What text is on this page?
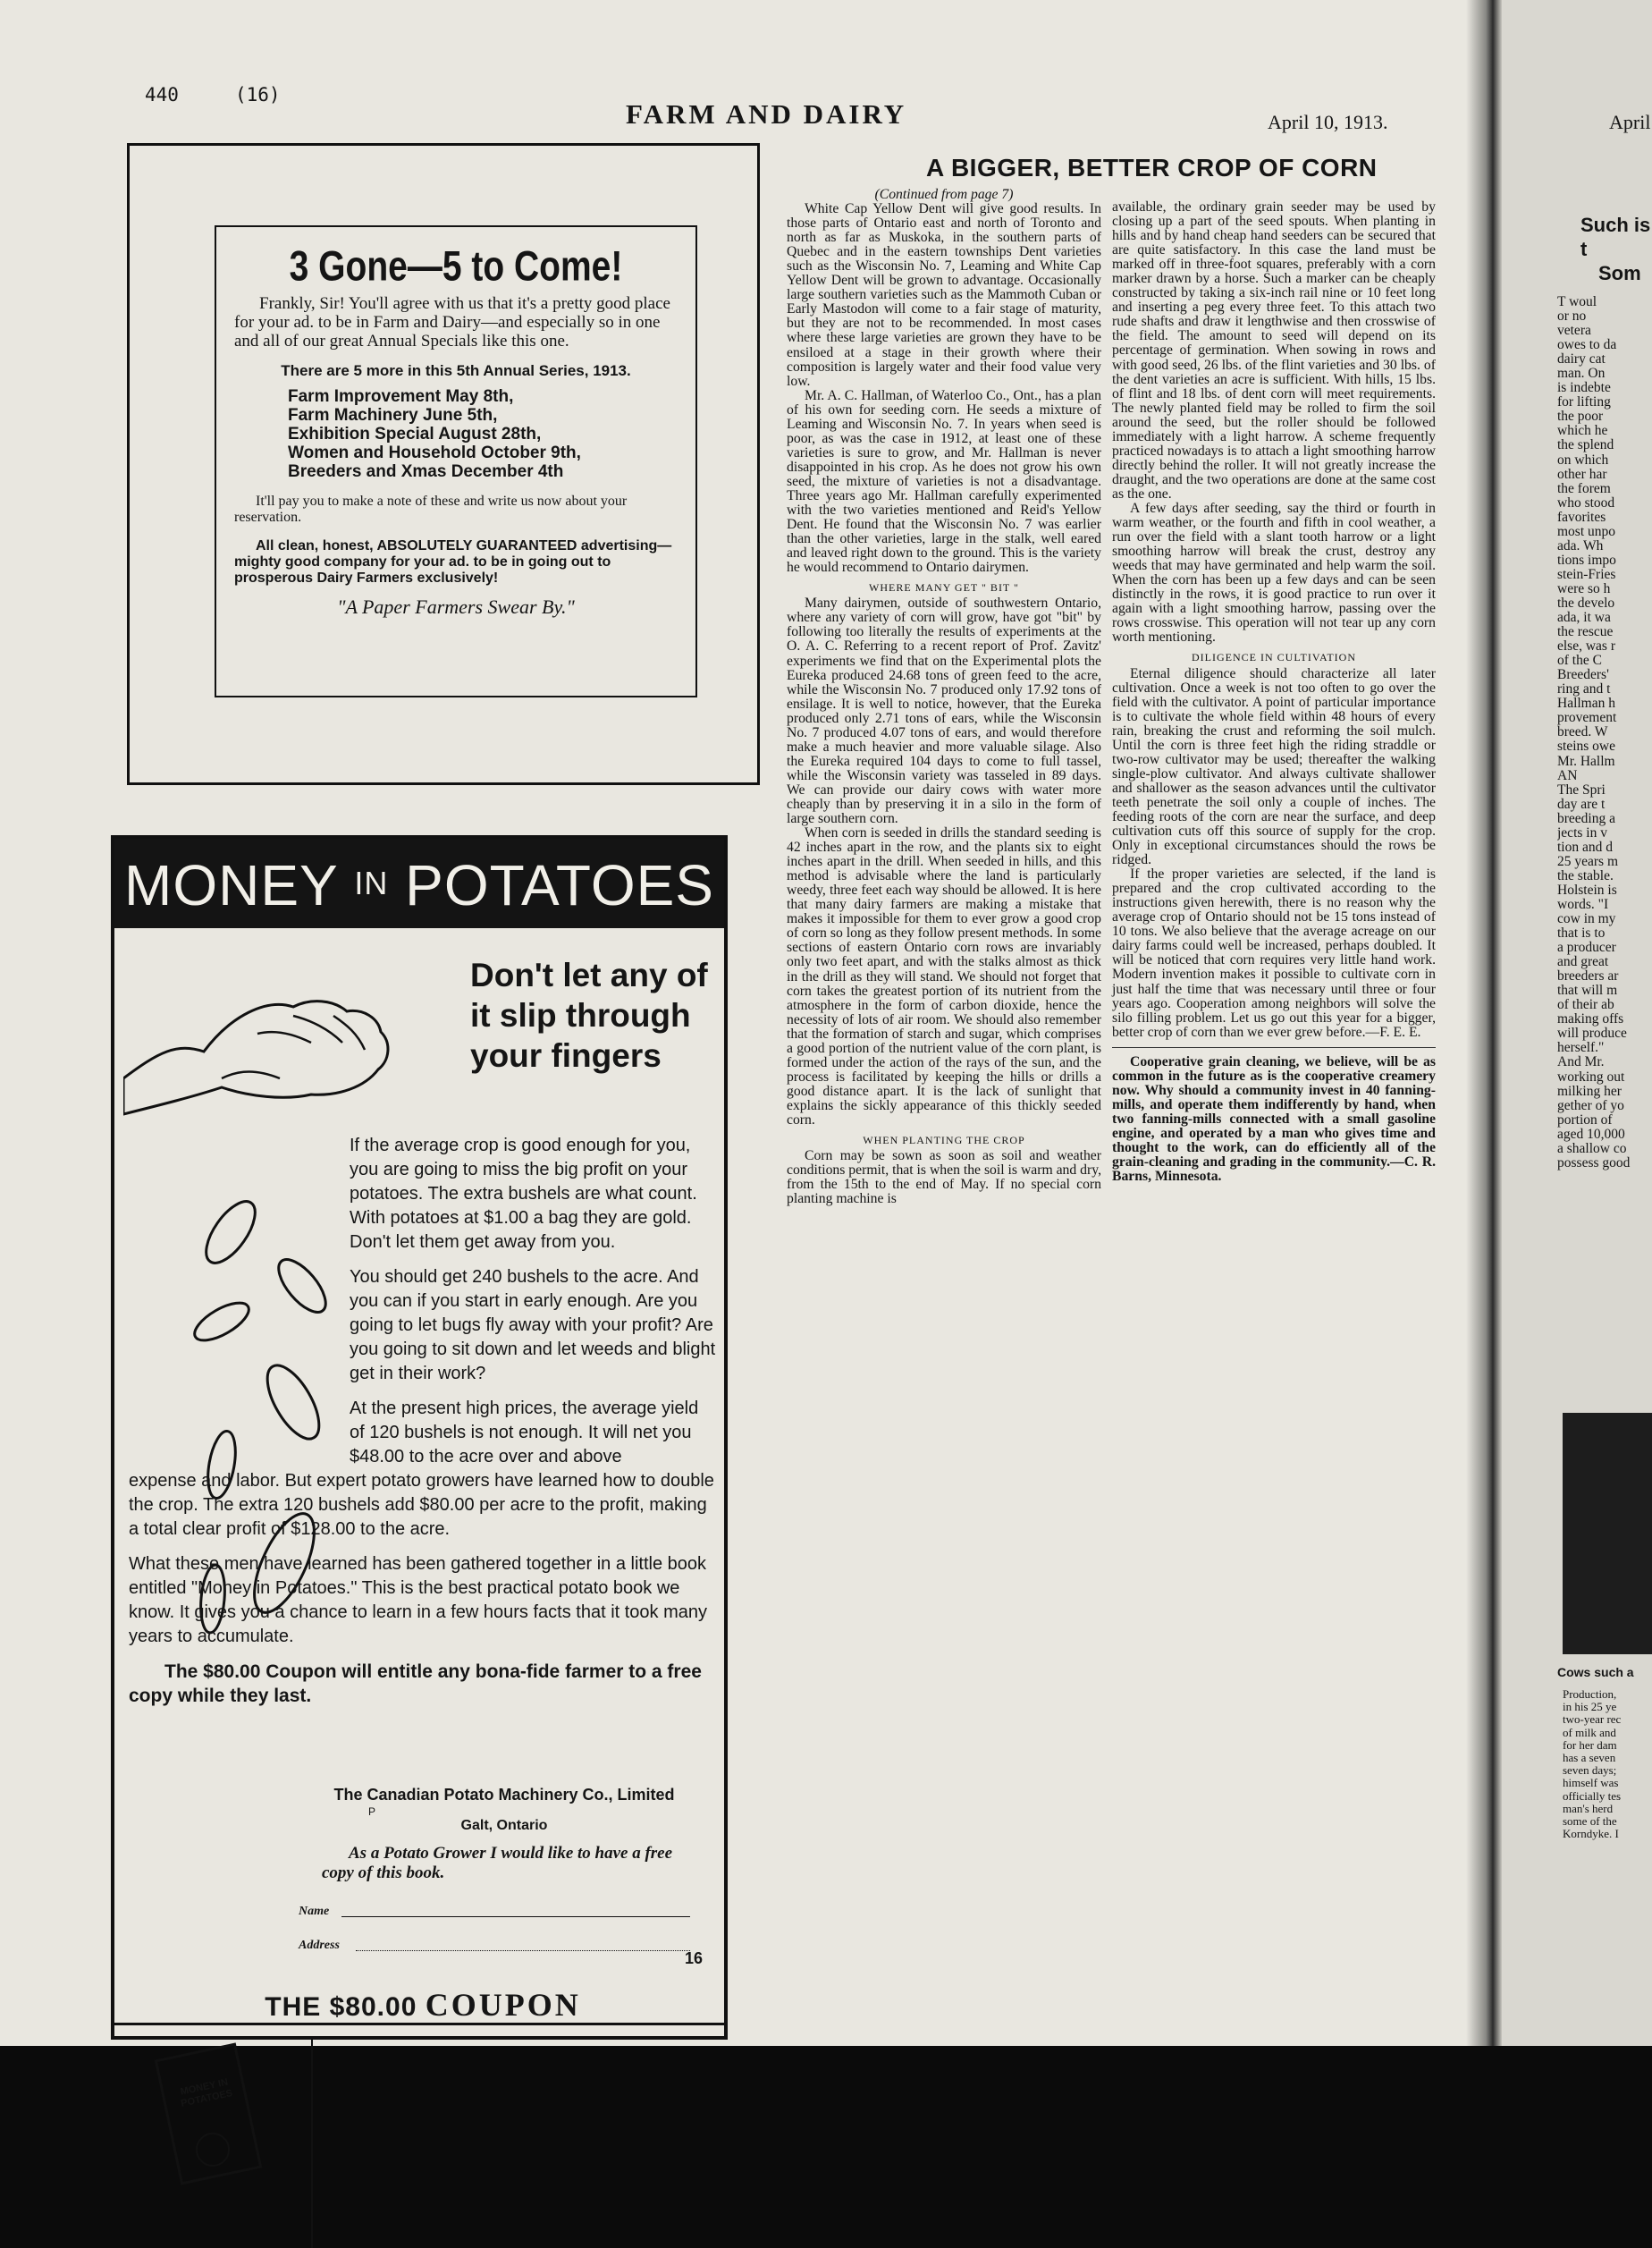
440	(16)
FARM AND DAIRY	April 10, 1913.	April
3 Gone—5 to Come!

Frankly, Sir! You'll agree with us that it's a pretty good place for your ad. to be in Farm and Dairy—and especially so in one and all of our great Annual Specials like this one.

There are 5 more in this 5th Annual Series, 1913.
Farm Improvement May 8th,
Farm Machinery June 5th,
Exhibition Special August 28th,
Women and Household October 9th,
Breeders and Xmas December 4th

It'll pay you to make a note of these and write us now about your reservation.

All clean, honest, ABSOLUTELY GUARANTEED advertising—mighty good company for your ad. to be in going out to prosperous Dairy Farmers exclusively!

"A Paper Farmers Swear By."
MONEY IN POTATOES
Don't let any of it slip through your fingers

If the average crop is good enough for you, you are going to miss the big profit on your potatoes. The extra bushels are what count. With potatoes at $1.00 a bag they are gold. Don't let them get away from you.

You should get 240 bushels to the acre. And you can if you start in early enough. Are you going to let bugs fly away with your profit? Are you going to sit down and let weeds and blight get in their work?

At the present high prices, the average yield of 120 bushels is not enough. It will net you $48.00 to the acre over and above

expense and labor. But expert potato growers have learned how to double the crop. The extra 120 bushels add $80.00 per acre to the profit, making a total clear profit of $128.00 to the acre.

What these men have learned has been gathered together in a little book entitled "Money in Potatoes." This is the best practical potato book we know. It gives you a chance to learn in a few hours facts that it took many years to accumulate.

The $80.00 Coupon will entitle any bona-fide farmer to a free copy while they last.

16
THE $80.00 COUPON
MONEY IN POTATOES
The Canadian Potato Machinery Co., Limited
P
Galt, Ontario
As a Potato Grower I would like to have a free copy of this book.
Name
Address
A BIGGER, BETTER CROP OF CORN

(Continued from page 7)

White Cap Yellow Dent will give good results. In those parts of Ontario east and north of Toronto and north as far as Muskoka, in the southern parts of Quebec and in the eastern townships Dent varieties such as the Wisconsin No. 7, Leaming and White Cap Yellow Dent will be grown to advantage. Occasionally large southern varieties such as the Mammoth Cuban or Early Mastodon will come to a fair stage of maturity, but they are not to be recommended. In most cases where these large varieties are grown they have to be ensiloed at a stage in their growth where their composition is largely water and their food value very low.

Mr. A. C. Hallman, of Waterloo Co., Ont., has a plan of his own for seeding corn. He seeds a mixture of Leaming and Wisconsin No. 7. In years when seed is poor, as was the case in 1912, at least one of these varieties is sure to grow, and Mr. Hallman is never disappointed in his crop. As he does not grow his own seed, the mixture of varieties is not a disadvantage. Three years ago Mr. Hallman carefully experimented with the two varieties mentioned and Reid's Yellow Dent. He found that the Wisconsin No. 7 was earlier than the other varieties, large in the stalk, well eared and leaved right down to the ground. This is the variety he would recommend to Ontario dairymen.

WHERE MANY GET " BIT "

Many dairymen, outside of southwestern Ontario, where any variety of corn will grow, have got "bit" by following too literally the results of experiments at the O. A. C. Referring to a recent report of Prof. Zavitz' experiments we find that on the Experimental plots the Eureka produced 24.68 tons of green feed to the acre, while the Wisconsin No. 7 produced only 17.92 tons of ensilage. It is well to notice, however, that the Eureka produced only 2.71 tons of ears, while the Wisconsin No. 7 produced 4.07 tons of ears, and would therefore make a much heavier and more valuable silage. Also the Eureka required 104 days to come to full tassel, while the Wisconsin variety was tasseled in 89 days. We can provide our dairy cows with water more cheaply than by preserving it in a silo in the form of large southern corn.

When corn is seeded in drills the standard seeding is 42 inches apart in the row, and the plants six to eight inches apart in the drill. When seeded in hills, and this method is advisable where the land is particularly weedy, three feet each way should be allowed. It is here that many dairy farmers are making a mistake that makes it impossible for them to ever grow a good crop of corn so long as they follow present methods. In some sections of eastern Ontario corn rows are invariably only two feet apart, and with the stalks almost as thick in the drill as they will stand. We should not forget that corn takes the greatest portion of its nutrient from the atmosphere in the form of carbon dioxide, hence the necessity of lots of air room. We should also remember that the formation of starch and sugar, which comprises a good portion of the nutrient value of the corn plant, is formed under the action of the rays of the sun, and the process is facilitated by keeping the hills or drills a good distance apart. It is the lack of sunlight that explains the sickly appearance of this thickly seeded corn.

WHEN PLANTING THE CROP

Corn may be sown as soon as soil and weather conditions permit, that is when the soil is warm and dry, from the 15th to the end of May. If no special corn planting machine is

available, the ordinary grain seeder may be used by closing up a part of the seed spouts. When planting in hills and by hand cheap hand seeders can be secured that are quite satisfactory. In this case the land must be marked off in three-foot squares, preferably with a corn marker drawn by a horse. Such a marker can be cheaply constructed by taking a six-inch rail nine or 10 feet long and inserting a peg every three feet. To this attach two rude shafts and draw it lengthwise and then crosswise of the field. The amount to seed will depend on its percentage of germination. When sowing in rows and with good seed, 26 lbs. of the flint varieties and 30 lbs. of the dent varieties an acre is sufficient. With hills, 15 lbs. of flint and 18 lbs. of dent corn will meet requirements. The newly planted field may be rolled to firm the soil around the seed, but the roller should be followed immediately with a light harrow. A scheme frequently practiced nowadays is to attach a light smoothing harrow directly behind the roller. It will not greatly increase the draught, and the two operations are done at the same cost as the one.

A few days after seeding, say the third or fourth in warm weather, or the fourth and fifth in cool weather, a run over the field with a slant tooth harrow or a light smoothing harrow will break the crust, destroy any weeds that may have germinated and help warm the soil. When the corn has been up a few days and can be seen distinctly in the rows, it is good practice to run over it again with a light smoothing harrow, passing over the rows crosswise. This operation will not tear up any corn worth mentioning.

DILIGENCE IN CULTIVATION

Eternal diligence should characterize all later cultivation. Once a week is not too often to go over the field with the cultivator. A point of particular importance is to cultivate the whole field within 48 hours of every rain, breaking the crust and reforming the soil mulch. Until the corn is three feet high the riding straddle or two-row cultivator may be used; thereafter the walking single-plow cultivator. And always cultivate shallower and shallower as the season advances until the cultivator teeth penetrate the soil only a couple of inches. The feeding roots of the corn are near the surface, and deep cultivation cuts off this source of supply for the crop. Only in exceptional circumstances should the rows be ridged.

If the proper varieties are selected, if the land is prepared and the crop cultivated according to the instructions given herewith, there is no reason why the average crop of Ontario should not be 15 tons instead of 10 tons. We also believe that the average acreage on our dairy farms could well be increased, perhaps doubled. It will be noticed that corn requires very little hand work. Modern invention makes it possible to cultivate corn in just half the time that was necessary until three or four years ago. Cooperation among neighbors will solve the silo filling problem. Let us go out this year for a bigger, better crop of corn than we ever grew before.—F. E. E.

Cooperative grain cleaning, we believe, will be as common in the future as is the cooperative creamery now. Why should a community invest in 40 fanning-mills, and operate them indifferently by hand, when two fanning-mills connected with a small gasoline engine, and operated by a man who gives time and thought to the work, can do efficiently all of the grain-cleaning and grading in the community.—C. R. Barns, Minnesota.

Such is t
Som
T woul
or no
vetera
owes to da
dairy cat
man. On
is indebte
for lifting
the poor
which he
the splend
on which
other har
the forem
who stood
favorites
most unpo
ada. Wh
tions impo
stein-Fries
were so h
the develo
ada, it wa
the rescue
else, was r
of the C
Breeders'
ring and t
Hallman h
provement
breed. W
steins owe
Mr. Hallm
AN
The Spri
day are t
breeding a
jects in v
tion and d
25 years m
the stable.
Holstein is
words. "I
cow in my
that is to
a producer
and great
breeders ar
that will m
of their ab
making offs
will produce
herself."
And Mr.
working out
milking her
gether of yo
portion of
aged 10,000
a shallow co
possess good
Cows such a
Production,
in his 25 ye
two-year rec
of milk and
for her dam
has a seven
seven days;
himself was
officially tes
man's herd
some of the
Korndyke. I
